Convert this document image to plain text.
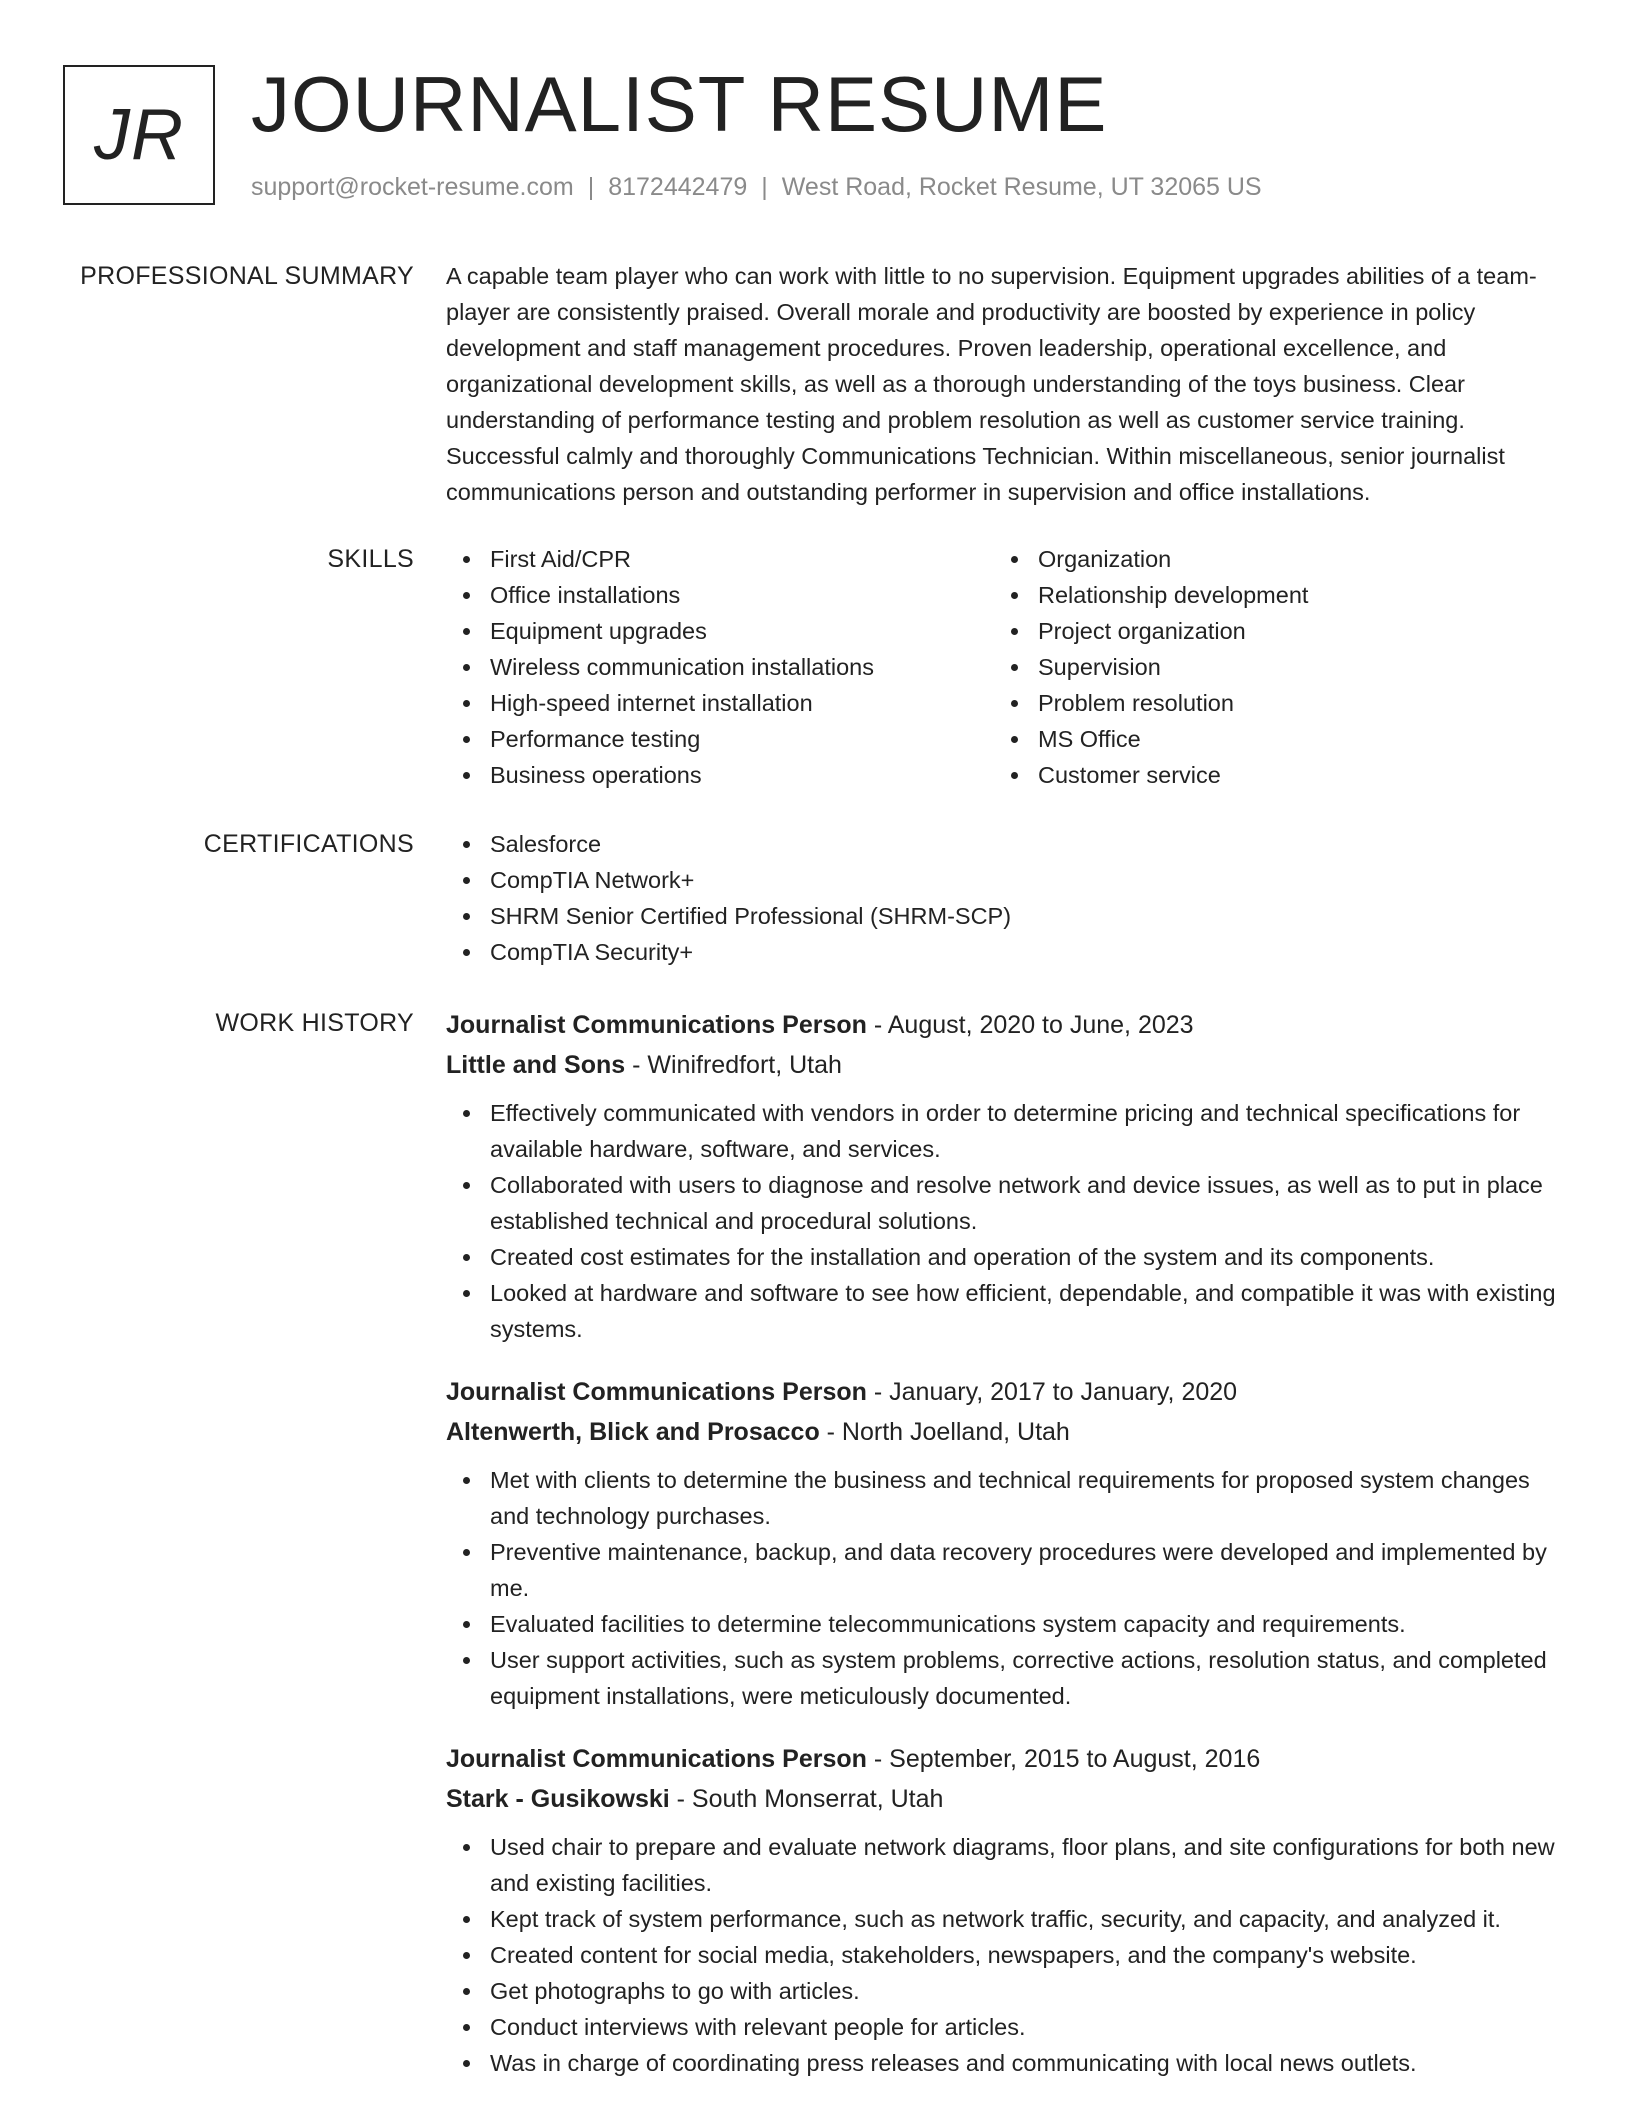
JR JOURNALIST RESUME
support@rocket-resume.com | 8172442479 | West Road, Rocket Resume, UT 32065 US
PROFESSIONAL SUMMARY A capable team player who can work with little to no supervision. Equipment upgrades abilities of a team-player are consistently praised. Overall morale and productivity are boosted by experience in policy development and staff management procedures. Proven leadership, operational excellence, and organizational development skills, as well as a thorough understanding of the toys business. Clear understanding of performance testing and problem resolution as well as customer service training. Successful calmly and thoroughly Communications Technician. Within miscellaneous, senior journalist communications person and outstanding performer in supervision and office installations.

SKILLS	First Aid/CPR
Office installations
Equipment upgrades
Wireless communication installations
High-speed internet installation
Performance testing
Business operations
Organization
Relationship development
Project organization
Supervision
Problem resolution
MS Office
Customer service
CERTIFICATIONS	Salesforce
CompTIA Network+
SHRM Senior Certified Professional (SHRM-SCP)
CompTIA Security+
WORK HISTORY Journalist Communications Person - August, 2020 to June, 2023
Little and Sons - Winifredfort, Utah
Effectively communicated with vendors in order to determine pricing and technical specifications for available hardware, software, and services.
Collaborated with users to diagnose and resolve network and device issues, as well as to put in place established technical and procedural solutions.
Created cost estimates for the installation and operation of the system and its components.
Looked at hardware and software to see how efficient, dependable, and compatible it was with existing systems.
Journalist Communications Person - January, 2017 to January, 2020
Altenwerth, Blick and Prosacco - North Joelland, Utah
Met with clients to determine the business and technical requirements for proposed system changes and technology purchases.
Preventive maintenance, backup, and data recovery procedures were developed and implemented by me.
Evaluated facilities to determine telecommunications system capacity and requirements.
User support activities, such as system problems, corrective actions, resolution status, and completed equipment installations, were meticulously documented.
Journalist Communications Person - September, 2015 to August, 2016
Stark - Gusikowski - South Monserrat, Utah
Used chair to prepare and evaluate network diagrams, floor plans, and site configurations for both new and existing facilities.
Kept track of system performance, such as network traffic, security, and capacity, and analyzed it.
Created content for social media, stakeholders, newspapers, and the company's website.
Get photographs to go with articles.
Conduct interviews with relevant people for articles.
Was in charge of coordinating press releases and communicating with local news outlets.
